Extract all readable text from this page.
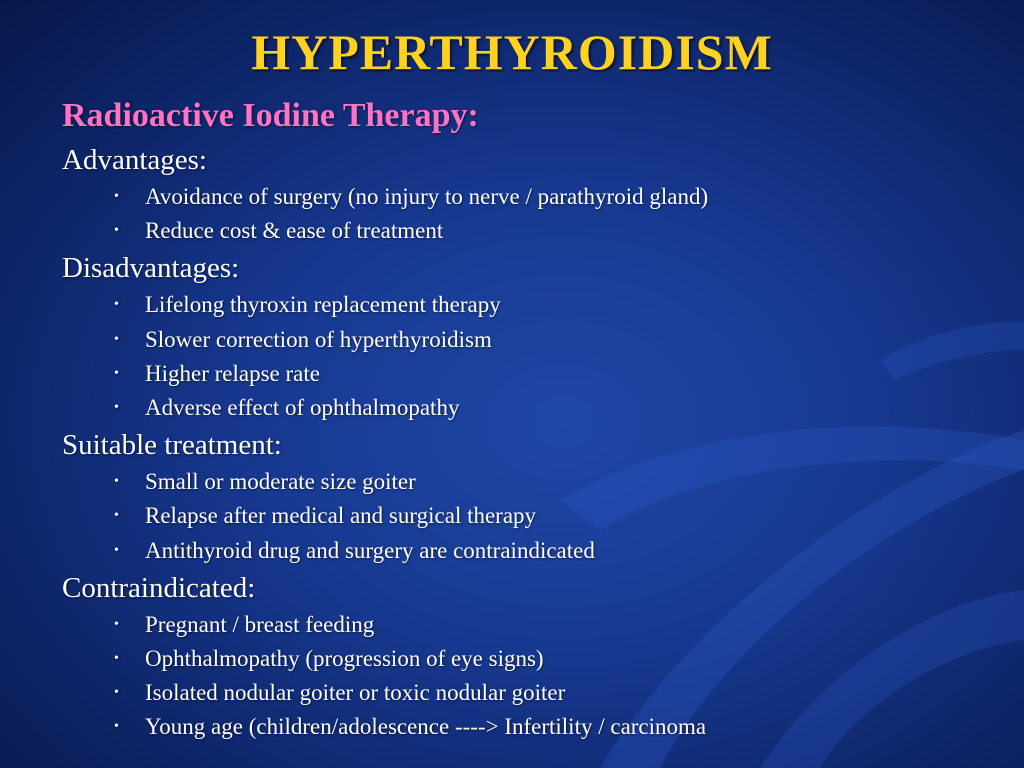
HYPERTHYROIDISM
Radioactive Iodine Therapy:
Advantages:
• Avoidance of surgery (no injury to nerve / parathyroid gland)
• Reduce cost & ease of treatment
Disadvantages:
• Lifelong thyroxin replacement therapy
• Slower correction of hyperthyroidism
• Higher relapse rate
• Adverse effect of ophthalmopathy
Suitable treatment:
• Small or moderate size goiter
• Relapse after medical and surgical therapy
• Antithyroid drug and surgery are contraindicated
Contraindicated:
• Pregnant / breast feeding
• Ophthalmopathy (progression of eye signs)
• Isolated nodular goiter or toxic nodular goiter
• Young age (children/adolescence ----> Infertility / carcinoma
